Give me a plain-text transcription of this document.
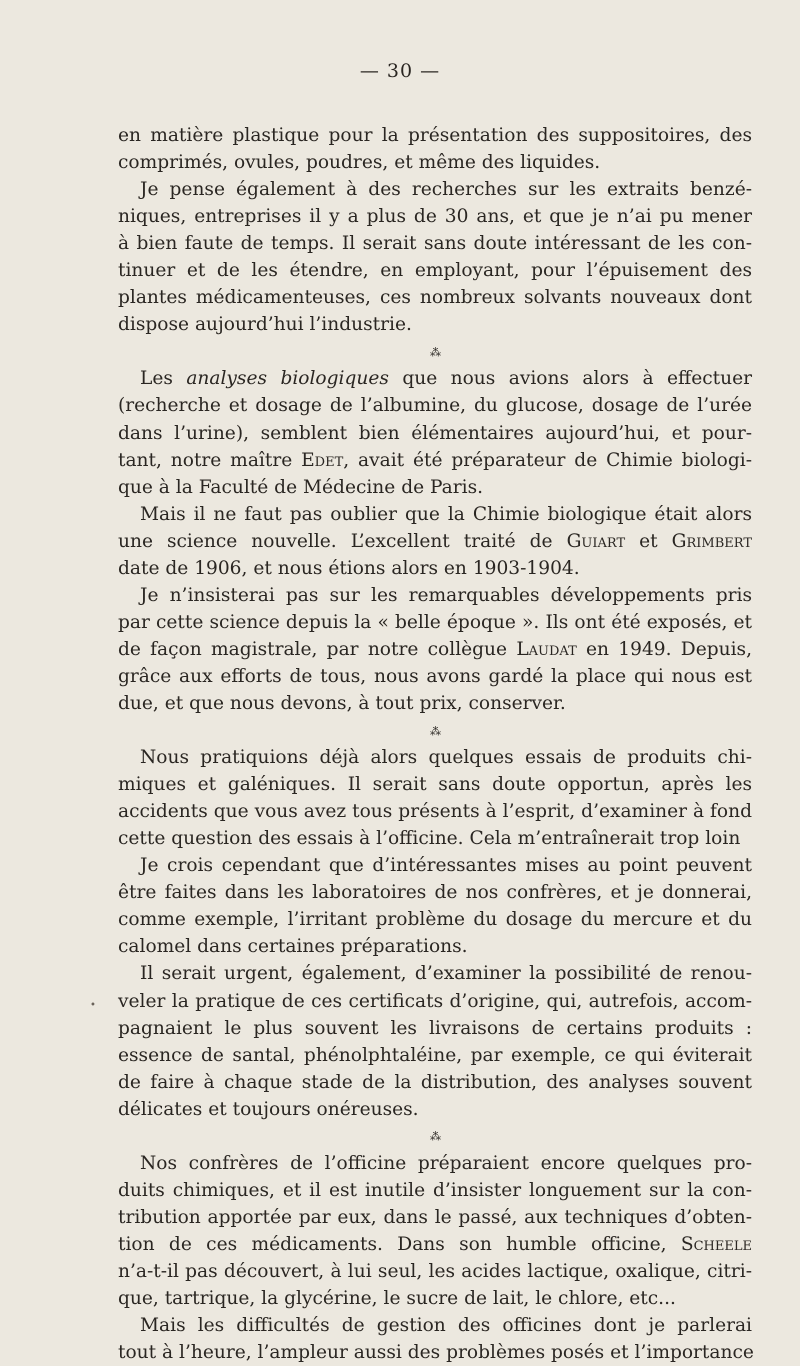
— 30 —
en matière plastique pour la présentation des suppositoires, des
comprimés, ovules, poudres, et même des liquides.
Je pense également à des recherches sur les extraits benzé-
niques, entreprises il y a plus de 30 ans, et que je n’ai pu mener
à bien faute de temps. Il serait sans doute intéressant de les con-
tinuer et de les étendre, en employant, pour l’épuisement des
plantes médicamenteuses, ces nombreux solvants nouveaux dont
dispose aujourd’hui l’industrie.
⁂
Les analyses biologiques que nous avions alors à effectuer
(recherche et dosage de l’albumine, du glucose, dosage de l’urée
dans l’urine), semblent bien élémentaires aujourd’hui, et pour-
tant, notre maître Edet, avait été préparateur de Chimie biologi-
que à la Faculté de Médecine de Paris.
Mais il ne faut pas oublier que la Chimie biologique était alors
une science nouvelle. L’excellent traité de Guiart et Grimbert
date de 1906, et nous étions alors en 1903-1904.
Je n’insisterai pas sur les remarquables développements pris
par cette science depuis la « belle époque ». Ils ont été exposés, et
de façon magistrale, par notre collègue Laudat en 1949. Depuis,
grâce aux efforts de tous, nous avons gardé la place qui nous est
due, et que nous devons, à tout prix, conserver.
⁂
Nous pratiquions déjà alors quelques essais de produits chi-
miques et galéniques. Il serait sans doute opportun, après les
accidents que vous avez tous présents à l’esprit, d’examiner à fond
cette question des essais à l’officine. Cela m’entraînerait trop loin
Je crois cependant que d’intéressantes mises au point peuvent
être faites dans les laboratoires de nos confrères, et je donnerai,
comme exemple, l’irritant problème du dosage du mercure et du
calomel dans certaines préparations.
Il serait urgent, également, d’examiner la possibilité de renou-
veler la pratique de ces certificats d’origine, qui, autrefois, accom-
pagnaient le plus souvent les livraisons de certains produits :
essence de santal, phénolphtaléine, par exemple, ce qui éviterait
de faire à chaque stade de la distribution, des analyses souvent
délicates et toujours onéreuses.
⁂
Nos confrères de l’officine préparaient encore quelques pro-
duits chimiques, et il est inutile d’insister longuement sur la con-
tribution apportée par eux, dans le passé, aux techniques d’obten-
tion de ces médicaments. Dans son humble officine, Scheele
n’a-t-il pas découvert, à lui seul, les acides lactique, oxalique, citri-
que, tartrique, la glycérine, le sucre de lait, le chlore, etc...
Mais les difficultés de gestion des officines dont je parlerai
tout à l’heure, l’ampleur aussi des problèmes posés et l’importance
•
